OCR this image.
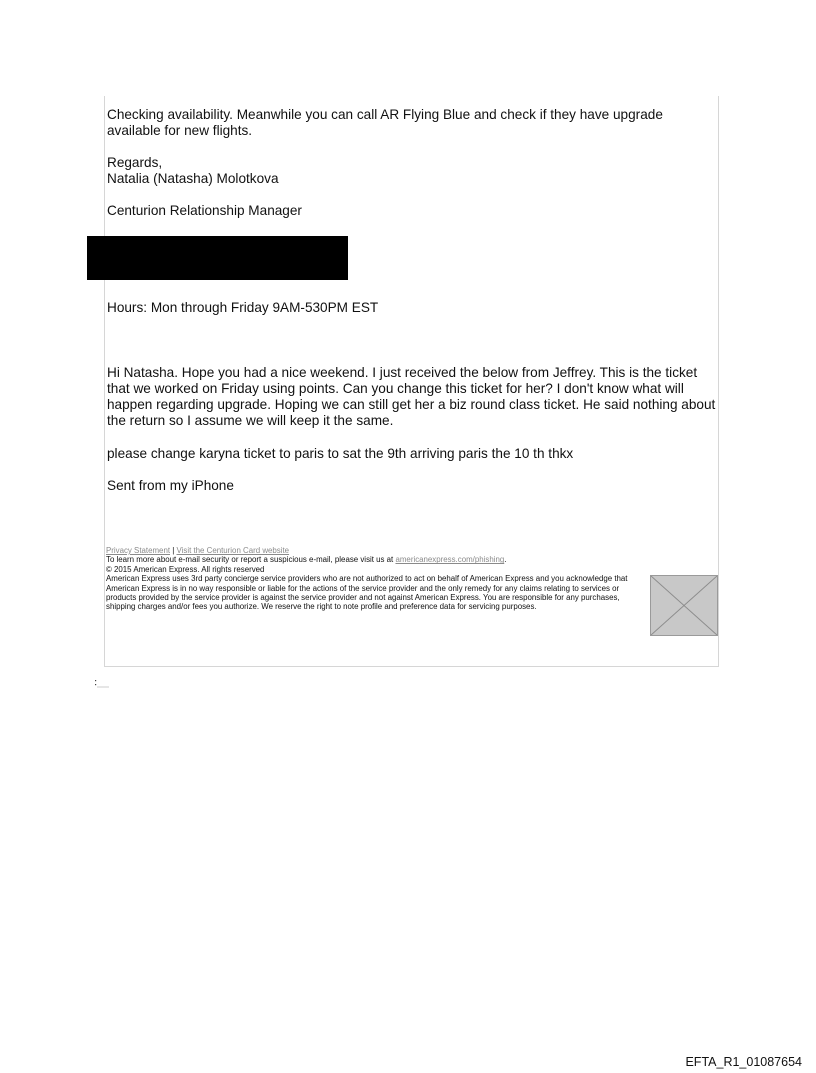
Checking availability. Meanwhile you can call AR Flying Blue and check if they have upgrade

available for new flights.

Regards,

Natalia (Natasha) Molotkova

Centurion Relationship Manager

Hours: Mon through Friday 9AM-530PM EST

Hi Natasha. Hope you had a nice weekend. I just received the below from Jeffrey. This is the ticket that we worked on Friday using points. Can you change this ticket for her? I don't know what will happen regarding upgrade. Hoping we can still get her a biz round class ticket. He said nothing about the return so I assume we will keep it the same.

please change karyna ticket to paris to sat the 9th arriving paris the 10 th thkx

Sent from my iPhone

Privacy Statement | Visit the Centurion Card website
To learn more about e-mail security or report a suspicious e-mail, please visit us at americanexpress.com/phishing.
© 2015 American Express. All rights reserved
American Express uses 3rd party concierge service providers who are not authorized to act on behalf of American Express and you acknowledge that American Express is in no way responsible or liable for the actions of the service provider and the only remedy for any claims relating to services or products provided by the service provider is against the service provider and not against American Express. You are responsible for any purchases, shipping charges and/or fees you authorize. We reserve the right to note profile and preference data for servicing purposes.
EFTA_R1_01087654
